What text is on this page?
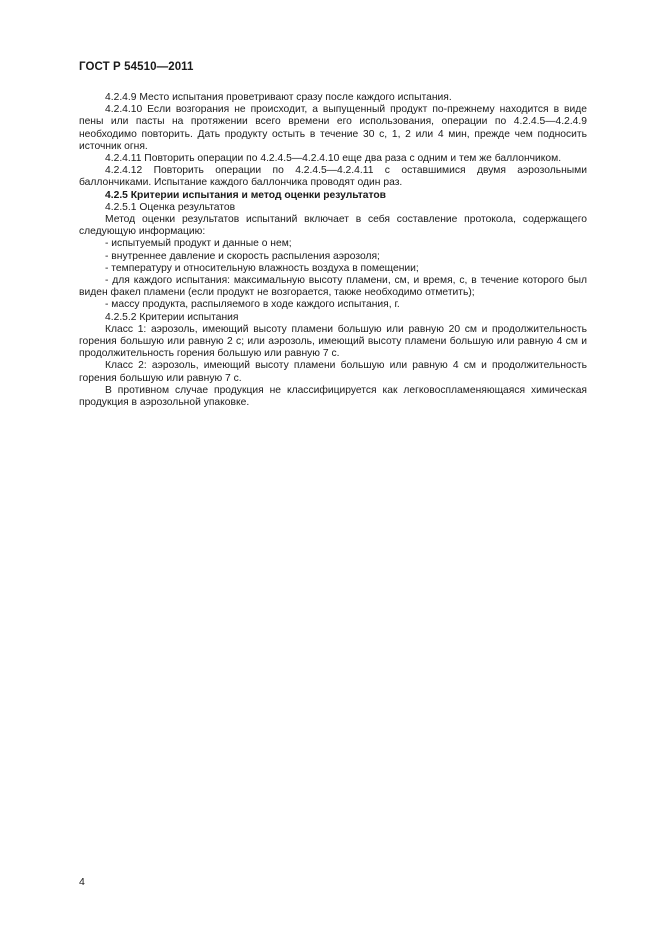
ГОСТ Р 54510—2011

4.2.4.9 Место испытания проветривают сразу после каждого испытания.

4.2.4.10 Если возгорания не происходит, а выпущенный продукт по-прежнему находится в виде пены или пасты на протяжении всего времени его использования, операции по 4.2.4.5—4.2.4.9 необходимо повторить. Дать продукту остыть в течение 30 с, 1, 2 или 4 мин, прежде чем подносить источник огня.

4.2.4.11 Повторить операции по 4.2.4.5—4.2.4.10 еще два раза с одним и тем же баллончиком.

4.2.4.12 Повторить операции по 4.2.4.5—4.2.4.11 с оставшимися двумя аэрозольными баллончиками. Испытание каждого баллончика проводят один раз.

4.2.5 Критерии испытания и метод оценки результатов

4.2.5.1 Оценка результатов

Метод оценки результатов испытаний включает в себя составление протокола, содержащего следующую информацию:

- испытуемый продукт и данные о нем;

- внутреннее давление и скорость распыления аэрозоля;

- температуру и относительную влажность воздуха в помещении;

- для каждого испытания: максимальную высоту пламени, см, и время, с, в течение которого был виден факел пламени (если продукт не возгорается, также необходимо отметить);

- массу продукта, распыляемого в ходе каждого испытания, г.

4.2.5.2 Критерии испытания

Класс 1: аэрозоль, имеющий высоту пламени большую или равную 20 см и продолжительность горения большую или равную 2 с; или аэрозоль, имеющий высоту пламени большую или равную 4 см и продолжительность горения большую или равную 7 с.

Класс 2: аэрозоль, имеющий высоту пламени большую или равную 4 см и продолжительность горения большую или равную 7 с.

В противном случае продукция не классифицируется как легковоспламеняющаяся химическая продукция в аэрозольной упаковке.

4
